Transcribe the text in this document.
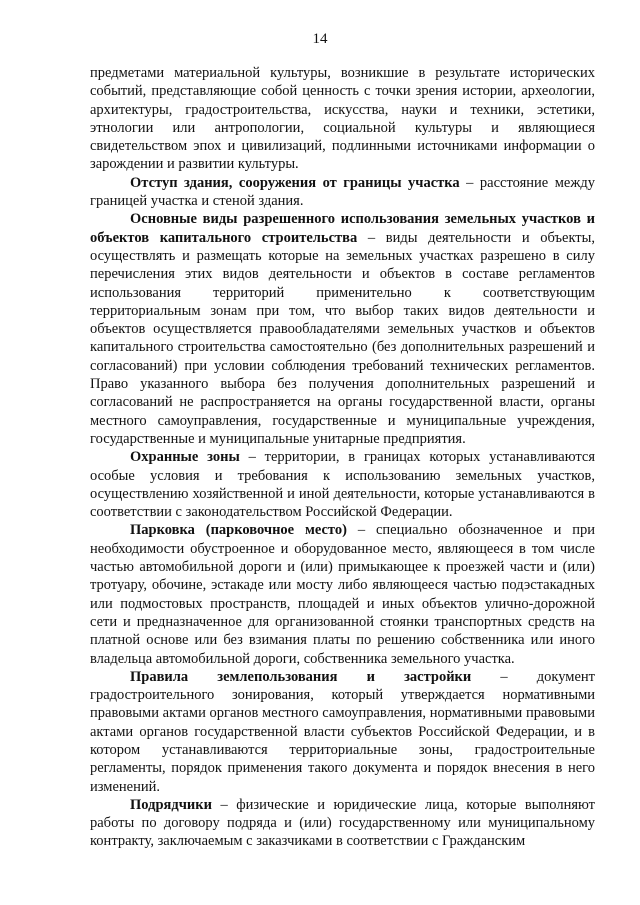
14

предметами материальной культуры, возникшие в результате исторических событий, представляющие собой ценность с точки зрения истории, археологии, архитектуры, градостроительства, искусства, науки и техники, эстетики, этнологии или антропологии, социальной культуры и являющиеся свидетельством эпох и цивилизаций, подлинными источниками информации о зарождении и развитии культуры.

Отступ здания, сооружения от границы участка – расстояние между границей участка и стеной здания.

Основные виды разрешенного использования земельных участков и объектов капитального строительства – виды деятельности и объекты, осуществлять и размещать которые на земельных участках разрешено в силу перечисления этих видов деятельности и объектов в составе регламентов использования территорий применительно к соответствующим территориальным зонам при том, что выбор таких видов деятельности и объектов осуществляется правообладателями земельных участков и объектов капитального строительства самостоятельно (без дополнительных разрешений и согласований) при условии соблюдения требований технических регламентов. Право указанного выбора без получения дополнительных разрешений и согласований не распространяется на органы государственной власти, органы местного самоуправления, государственные и муниципальные учреждения, государственные и муниципальные унитарные предприятия.

Охранные зоны – территории, в границах которых устанавливаются особые условия и требования к использованию земельных участков, осуществлению хозяйственной и иной деятельности, которые устанавливаются в соответствии с законодательством Российской Федерации.

Парковка (парковочное место) – специально обозначенное и при необходимости обустроенное и оборудованное место, являющееся в том числе частью автомобильной дороги и (или) примыкающее к проезжей части и (или) тротуару, обочине, эстакаде или мосту либо являющееся частью подэстакадных или подмостовых пространств, площадей и иных объектов улично-дорожной сети и предназначенное для организованной стоянки транспортных средств на платной основе или без взимания платы по решению собственника или иного владельца автомобильной дороги, собственника земельного участка.

Правила землепользования и застройки – документ градостроительного зонирования, который утверждается нормативными правовыми актами органов местного самоуправления, нормативными правовыми актами органов государственной власти субъектов Российской Федерации, и в котором устанавливаются территориальные зоны, градостроительные регламенты, порядок применения такого документа и порядок внесения в него изменений.

Подрядчики – физические и юридические лица, которые выполняют работы по договору подряда и (или) государственному или муниципальному контракту, заключаемым с заказчиками в соответствии с Гражданским
